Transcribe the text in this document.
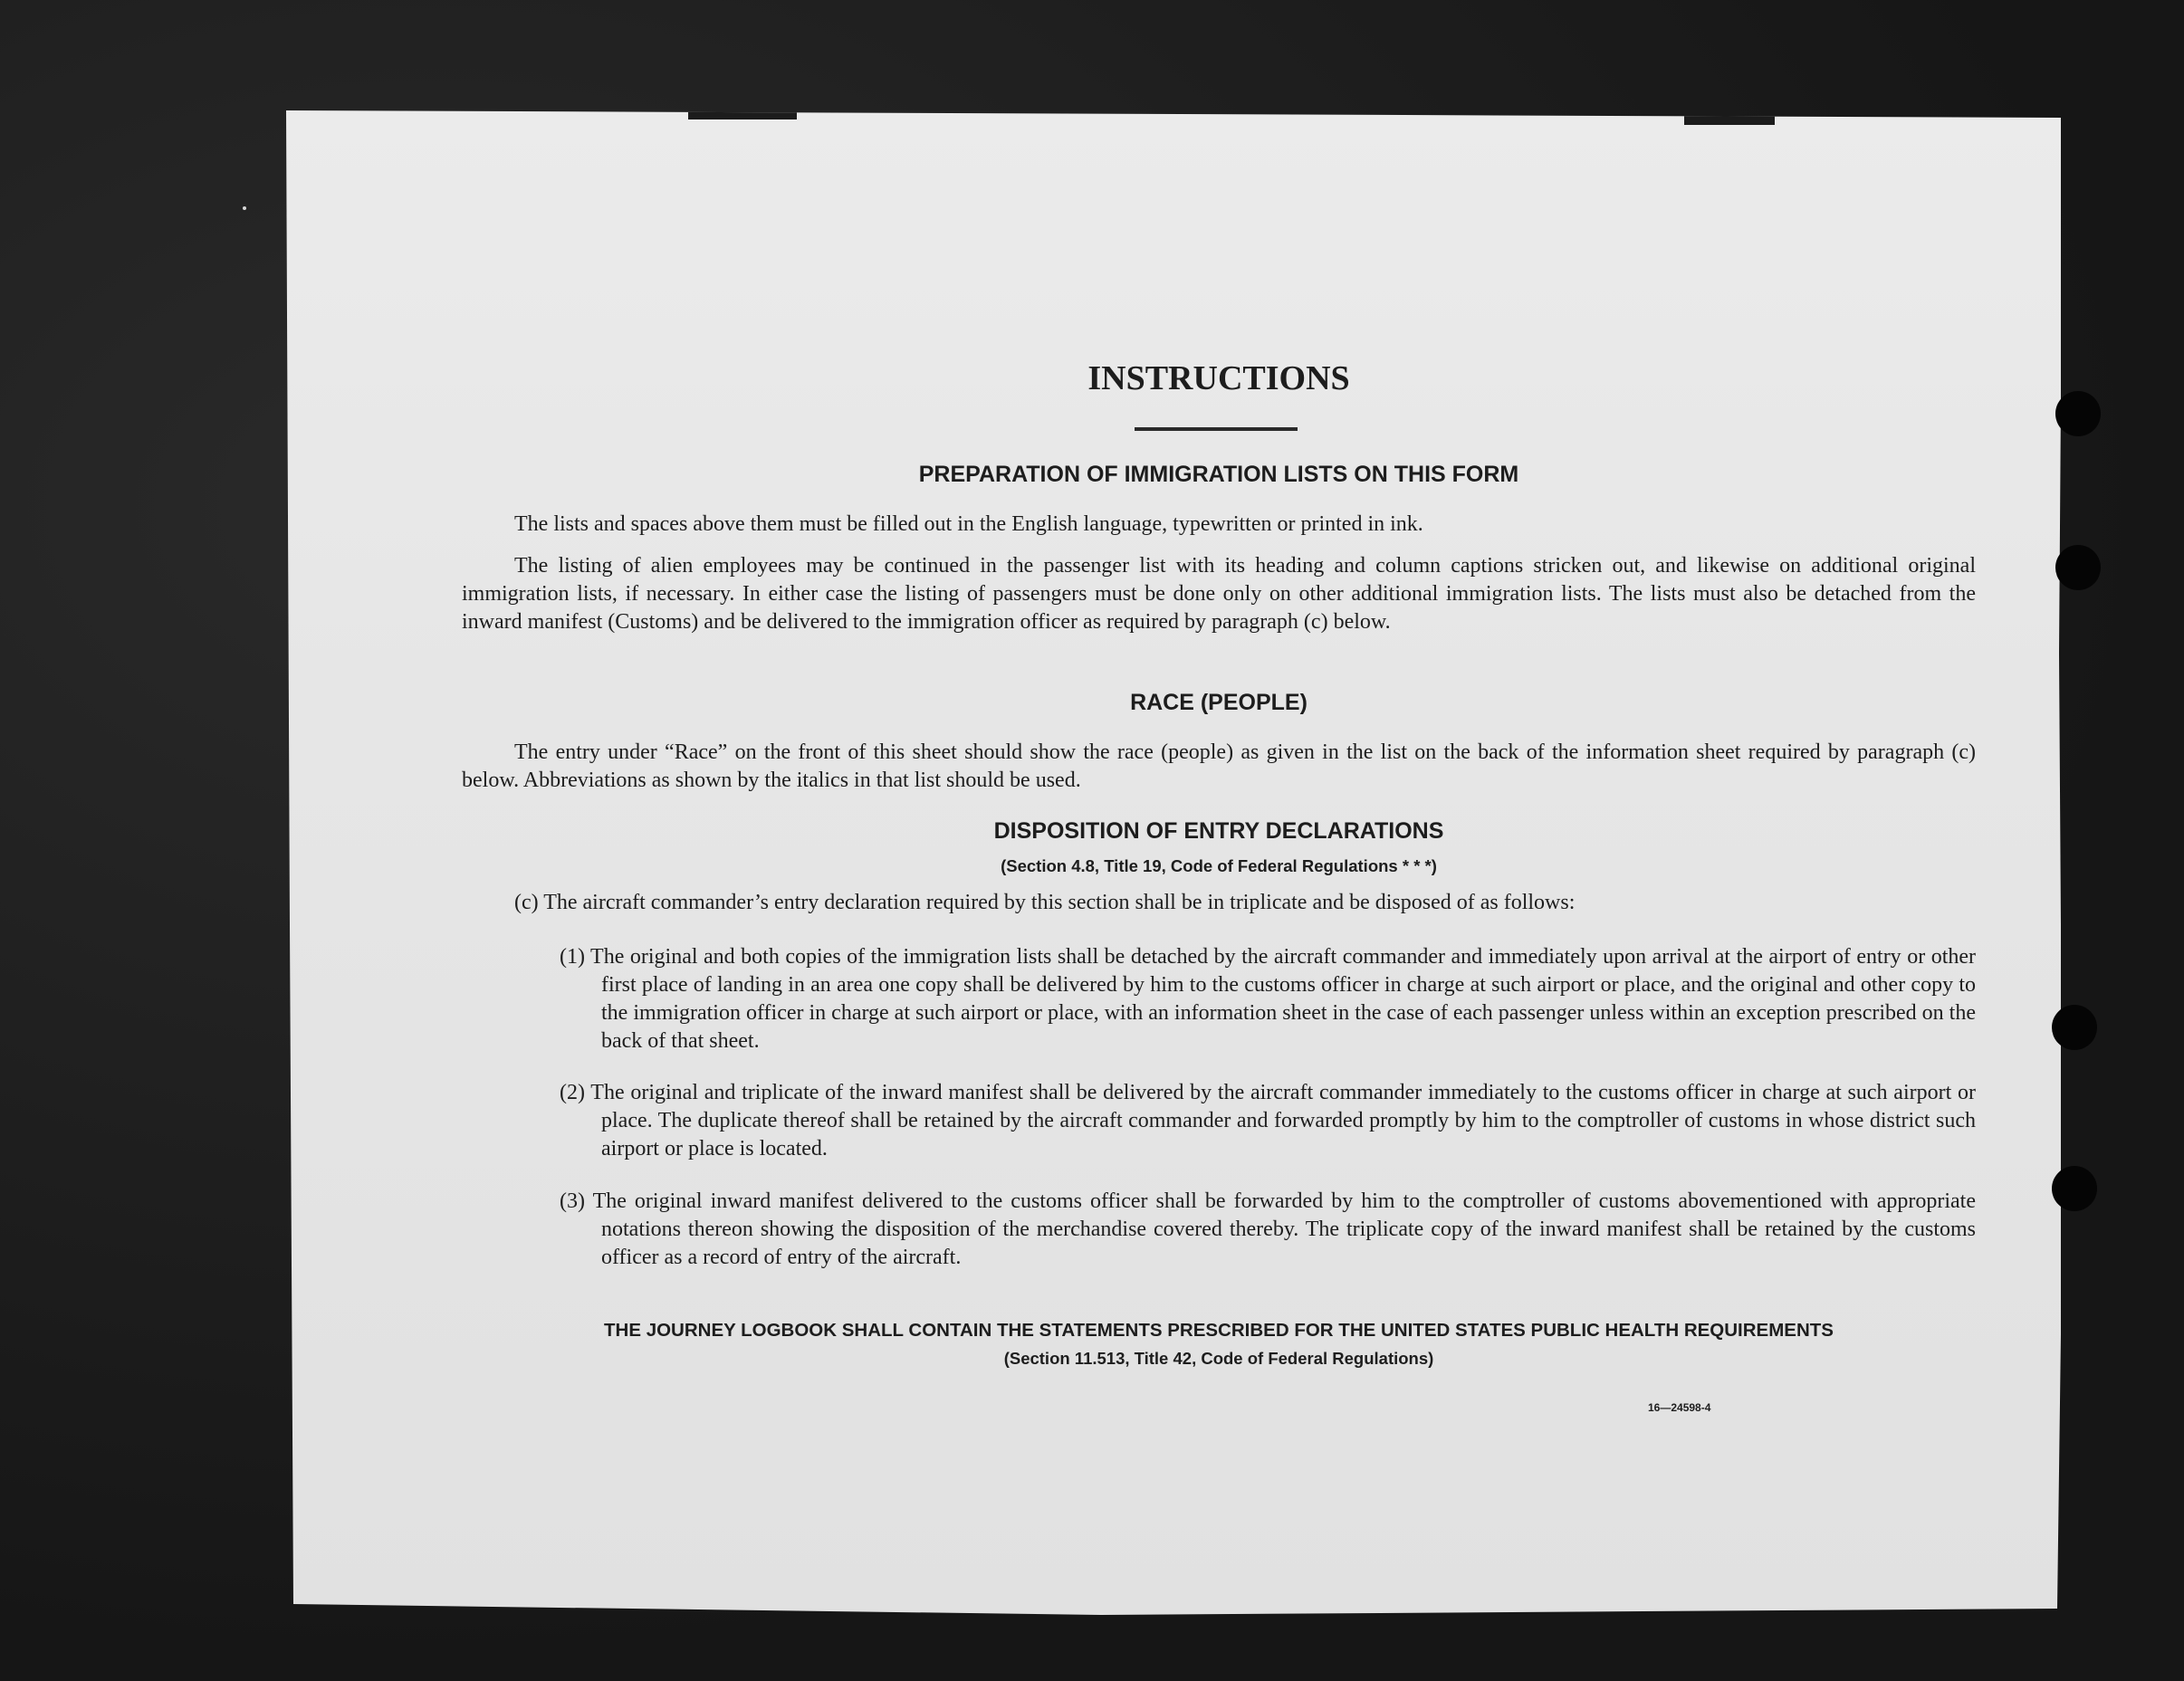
INSTRUCTIONS
PREPARATION OF IMMIGRATION LISTS ON THIS FORM

The lists and spaces above them must be filled out in the English language, typewritten or printed in ink.

The listing of alien employees may be continued in the passenger list with its heading and column captions stricken out, and likewise on additional original immigration lists, if necessary. In either case the listing of passengers must be done only on other additional immigration lists. The lists must also be detached from the inward manifest (Customs) and be delivered to the immigration officer as required by paragraph (c) below.

RACE (PEOPLE)

The entry under “Race” on the front of this sheet should show the race (people) as given in the list on the back of the information sheet required by paragraph (c) below. Abbreviations as shown by the italics in that list should be used.

DISPOSITION OF ENTRY DECLARATIONS

(Section 4.8, Title 19, Code of Federal Regulations * * *)

(c) The aircraft commander’s entry declaration required by this section shall be in triplicate and be disposed of as follows:

(1) The original and both copies of the immigration lists shall be detached by the aircraft commander and immediately upon arrival at the airport of entry or other first place of landing in an area one copy shall be delivered by him to the customs officer in charge at such airport or place, and the original and other copy to the immigration officer in charge at such airport or place, with an information sheet in the case of each passenger unless within an exception prescribed on the back of that sheet.

(2) The original and triplicate of the inward manifest shall be delivered by the aircraft commander immediately to the customs officer in charge at such airport or place. The duplicate thereof shall be retained by the aircraft commander and forwarded promptly by him to the comptroller of customs in whose district such airport or place is located.

(3) The original inward manifest delivered to the customs officer shall be forwarded by him to the comptroller of customs abovementioned with appropriate notations thereon showing the disposition of the merchandise covered thereby. The triplicate copy of the inward manifest shall be retained by the customs officer as a record of entry of the aircraft.

THE JOURNEY LOGBOOK SHALL CONTAIN THE STATEMENTS PRESCRIBED FOR THE UNITED STATES PUBLIC HEALTH REQUIREMENTS

(Section 11.513, Title 42, Code of Federal Regulations)

16—24598-4
